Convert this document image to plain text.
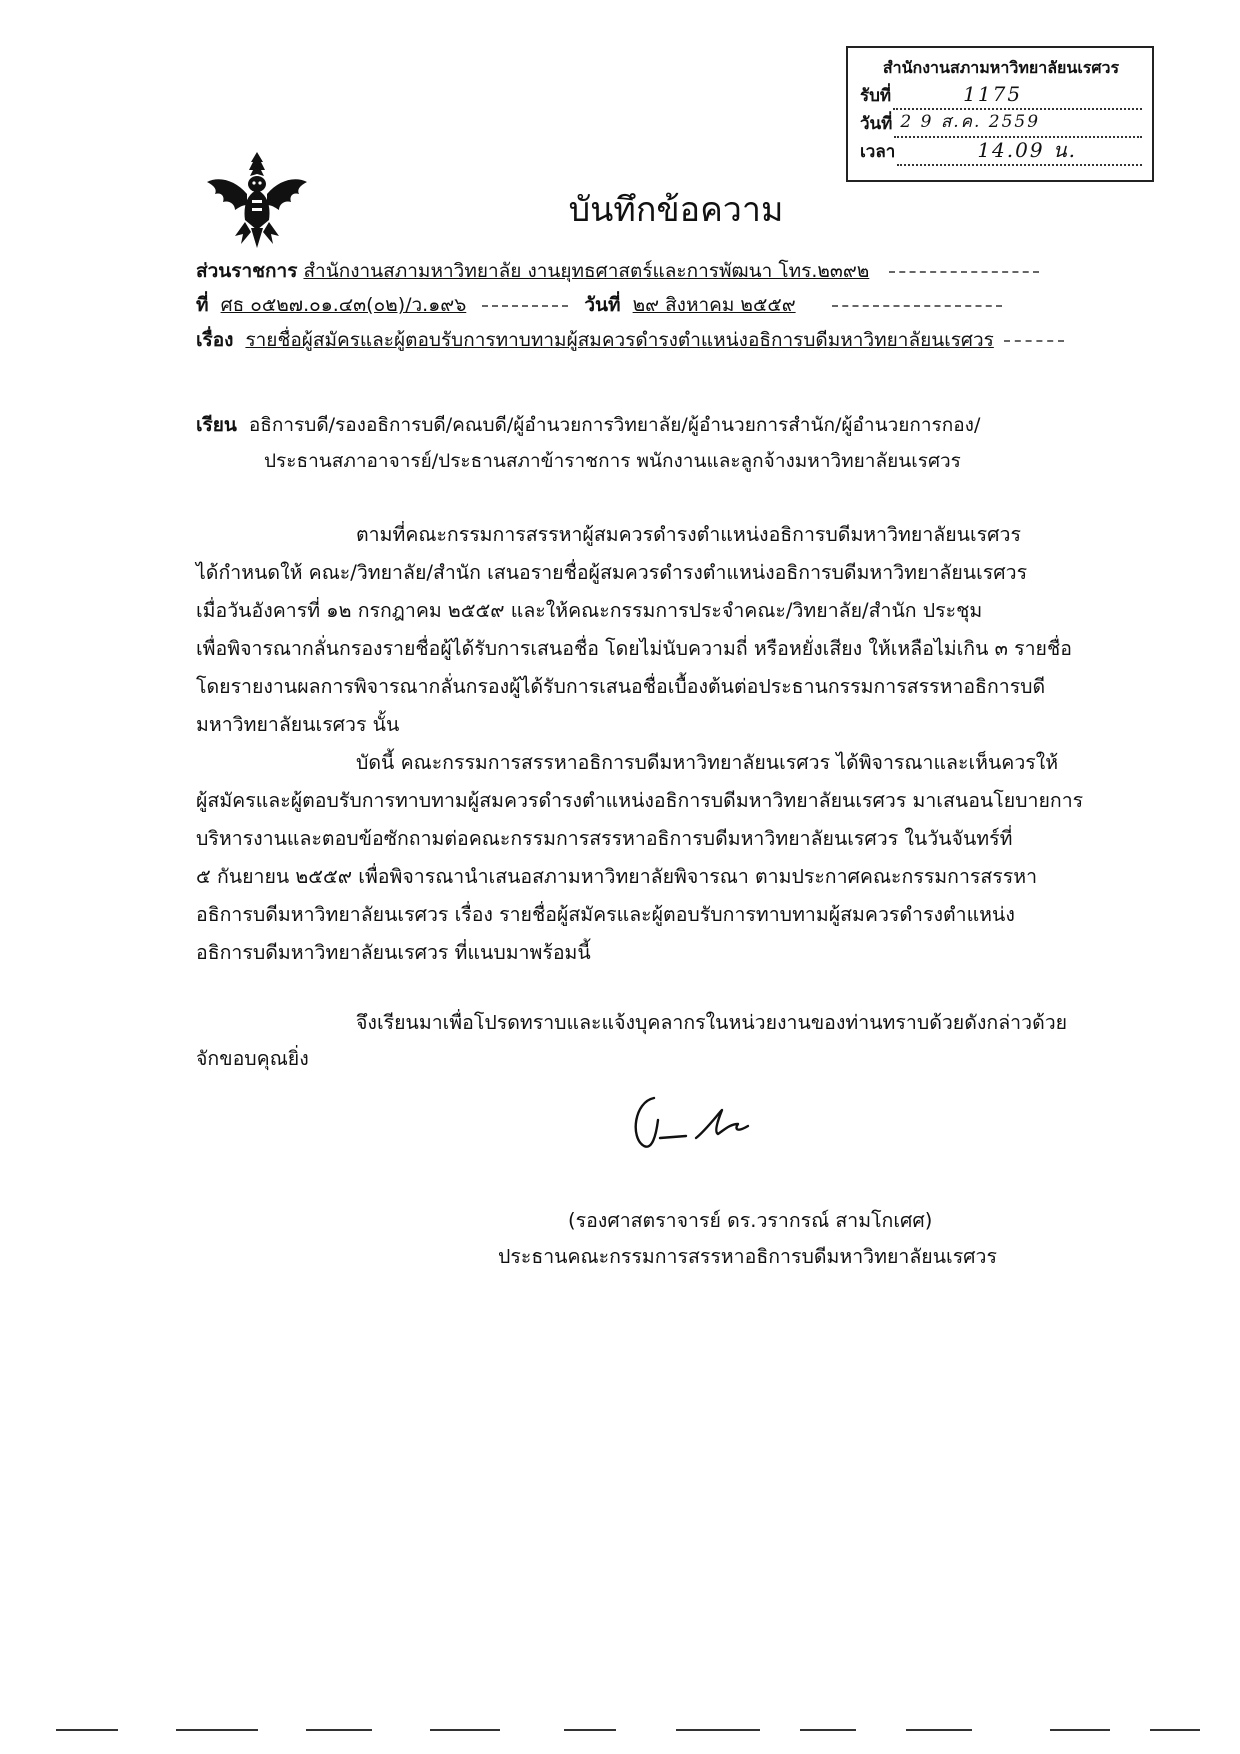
สำนักงานสภามหาวิทยาลัยนเรศวร
รับที่	1175
วันที่ 2 9 ส.ค. 2559
เวลา	14.09 น.
บันทึกข้อความ
ส่วนราชการ สำนักงานสภามหาวิทยาลัย งานยุทธศาสตร์และการพัฒนา โทร.๒๓๙๒
ที่ ศธ ๐๕๒๗.๐๑.๔๓(๐๒)/ว.๑๙๖	วันที่ ๒๙ สิงหาคม ๒๕๕๙
เรื่อง รายชื่อผู้สมัครและผู้ตอบรับการทาบทามผู้สมควรดำรงตำแหน่งอธิการบดีมหาวิทยาลัยนเรศวร
เรียน อธิการบดี/รองอธิการบดี/คณบดี/ผู้อำนวยการวิทยาลัย/ผู้อำนวยการสำนัก/ผู้อำนวยการกอง/
ประธานสภาอาจารย์/ประธานสภาข้าราชการ พนักงานและลูกจ้างมหาวิทยาลัยนเรศวร
ตามที่คณะกรรมการสรรหาผู้สมควรดำรงตำแหน่งอธิการบดีมหาวิทยาลัยนเรศวร
ได้กำหนดให้ คณะ/วิทยาลัย/สำนัก เสนอรายชื่อผู้สมควรดำรงตำแหน่งอธิการบดีมหาวิทยาลัยนเรศวร
เมื่อวันอังคารที่ ๑๒ กรกฎาคม ๒๕๕๙ และให้คณะกรรมการประจำคณะ/วิทยาลัย/สำนัก ประชุม
เพื่อพิจารณากลั่นกรองรายชื่อผู้ได้รับการเสนอชื่อ โดยไม่นับความถี่ หรือหยั่งเสียง ให้เหลือไม่เกิน ๓ รายชื่อ
โดยรายงานผลการพิจารณากลั่นกรองผู้ได้รับการเสนอชื่อเบื้องต้นต่อประธานกรรมการสรรหาอธิการบดี
มหาวิทยาลัยนเรศวร นั้น
บัดนี้ คณะกรรมการสรรหาอธิการบดีมหาวิทยาลัยนเรศวร ได้พิจารณาและเห็นควรให้
ผู้สมัครและผู้ตอบรับการทาบทามผู้สมควรดำรงตำแหน่งอธิการบดีมหาวิทยาลัยนเรศวร มาเสนอนโยบายการ
บริหารงานและตอบข้อซักถามต่อคณะกรรมการสรรหาอธิการบดีมหาวิทยาลัยนเรศวร ในวันจันทร์ที่
๕ กันยายน ๒๕๕๙ เพื่อพิจารณานำเสนอสภามหาวิทยาลัยพิจารณา ตามประกาศคณะกรรมการสรรหา
อธิการบดีมหาวิทยาลัยนเรศวร เรื่อง รายชื่อผู้สมัครและผู้ตอบรับการทาบทามผู้สมควรดำรงตำแหน่ง
อธิการบดีมหาวิทยาลัยนเรศวร ที่แนบมาพร้อมนี้
จึงเรียนมาเพื่อโปรดทราบและแจ้งบุคลากรในหน่วยงานของท่านทราบด้วยดังกล่าวด้วย
จักขอบคุณยิ่ง
(รองศาสตราจารย์ ดร.วรากรณ์ สามโกเศศ)
ประธานคณะกรรมการสรรหาอธิการบดีมหาวิทยาลัยนเรศวร
